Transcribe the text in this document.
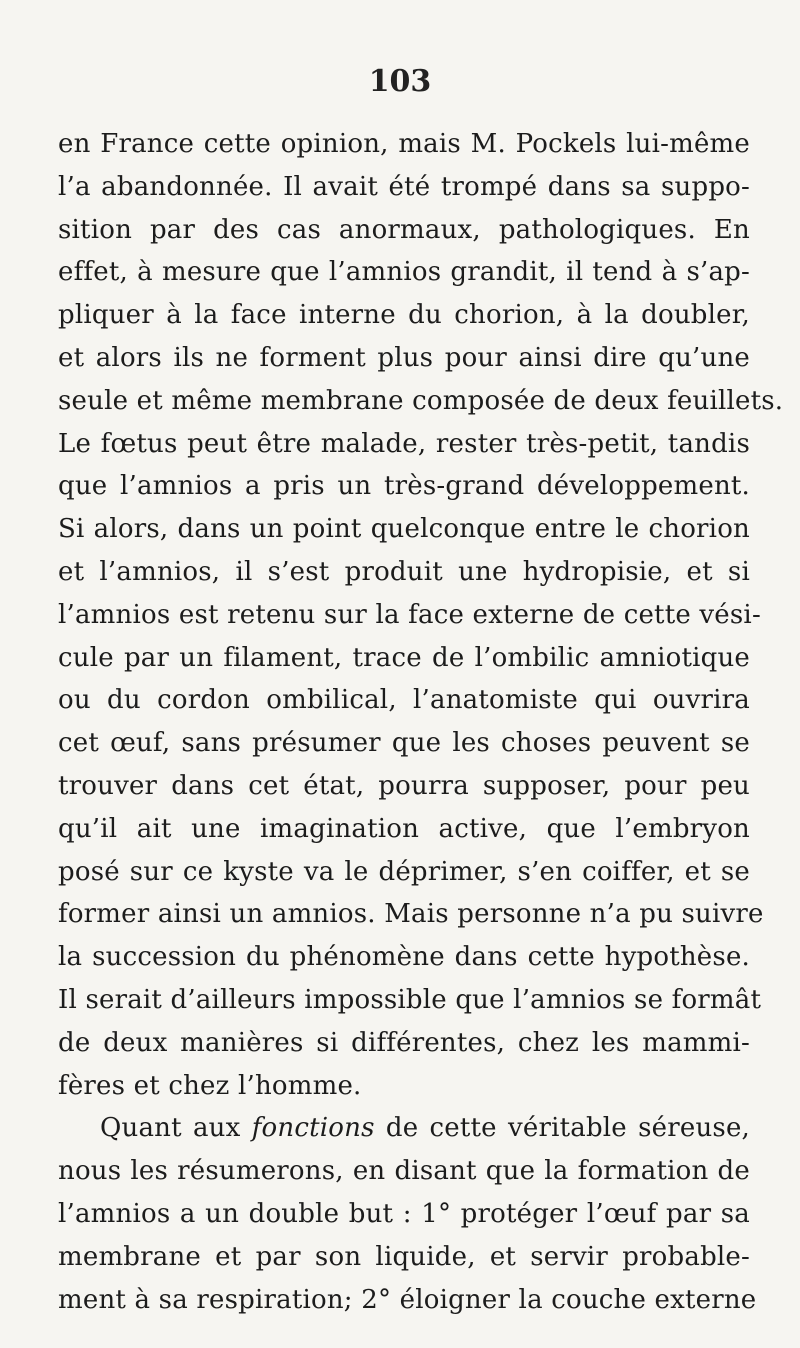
103
en France cette opinion, mais M. Pockels lui-même
l’a abandonnée. Il avait été trompé dans sa suppo-
sition par des cas anormaux, pathologiques. En
effet, à mesure que l’amnios grandit, il tend à s’ap-
pliquer à la face interne du chorion, à la doubler,
et alors ils ne forment plus pour ainsi dire qu’une
seule et même membrane composée de deux feuillets.
Le fœtus peut être malade, rester très-petit, tandis
que l’amnios a pris un très-grand développement.
Si alors, dans un point quelconque entre le chorion
et l’amnios, il s’est produit une hydropisie, et si
l’amnios est retenu sur la face externe de cette vési-
cule par un filament, trace de l’ombilic amniotique
ou du cordon ombilical, l’anatomiste qui ouvrira
cet œuf, sans présumer que les choses peuvent se
trouver dans cet état, pourra supposer, pour peu
qu’il ait une imagination active, que l’embryon
posé sur ce kyste va le déprimer, s’en coiffer, et se
former ainsi un amnios. Mais personne n’a pu suivre
la succession du phénomène dans cette hypothèse.
Il serait d’ailleurs impossible que l’amnios se formât
de deux manières si différentes, chez les mammi-
fères et chez l’homme.
Quant aux fonctions de cette véritable séreuse,
nous les résumerons, en disant que la formation de
l’amnios a un double but : 1° protéger l’œuf par sa
membrane et par son liquide, et servir probable-
ment à sa respiration; 2° éloigner la couche externe
